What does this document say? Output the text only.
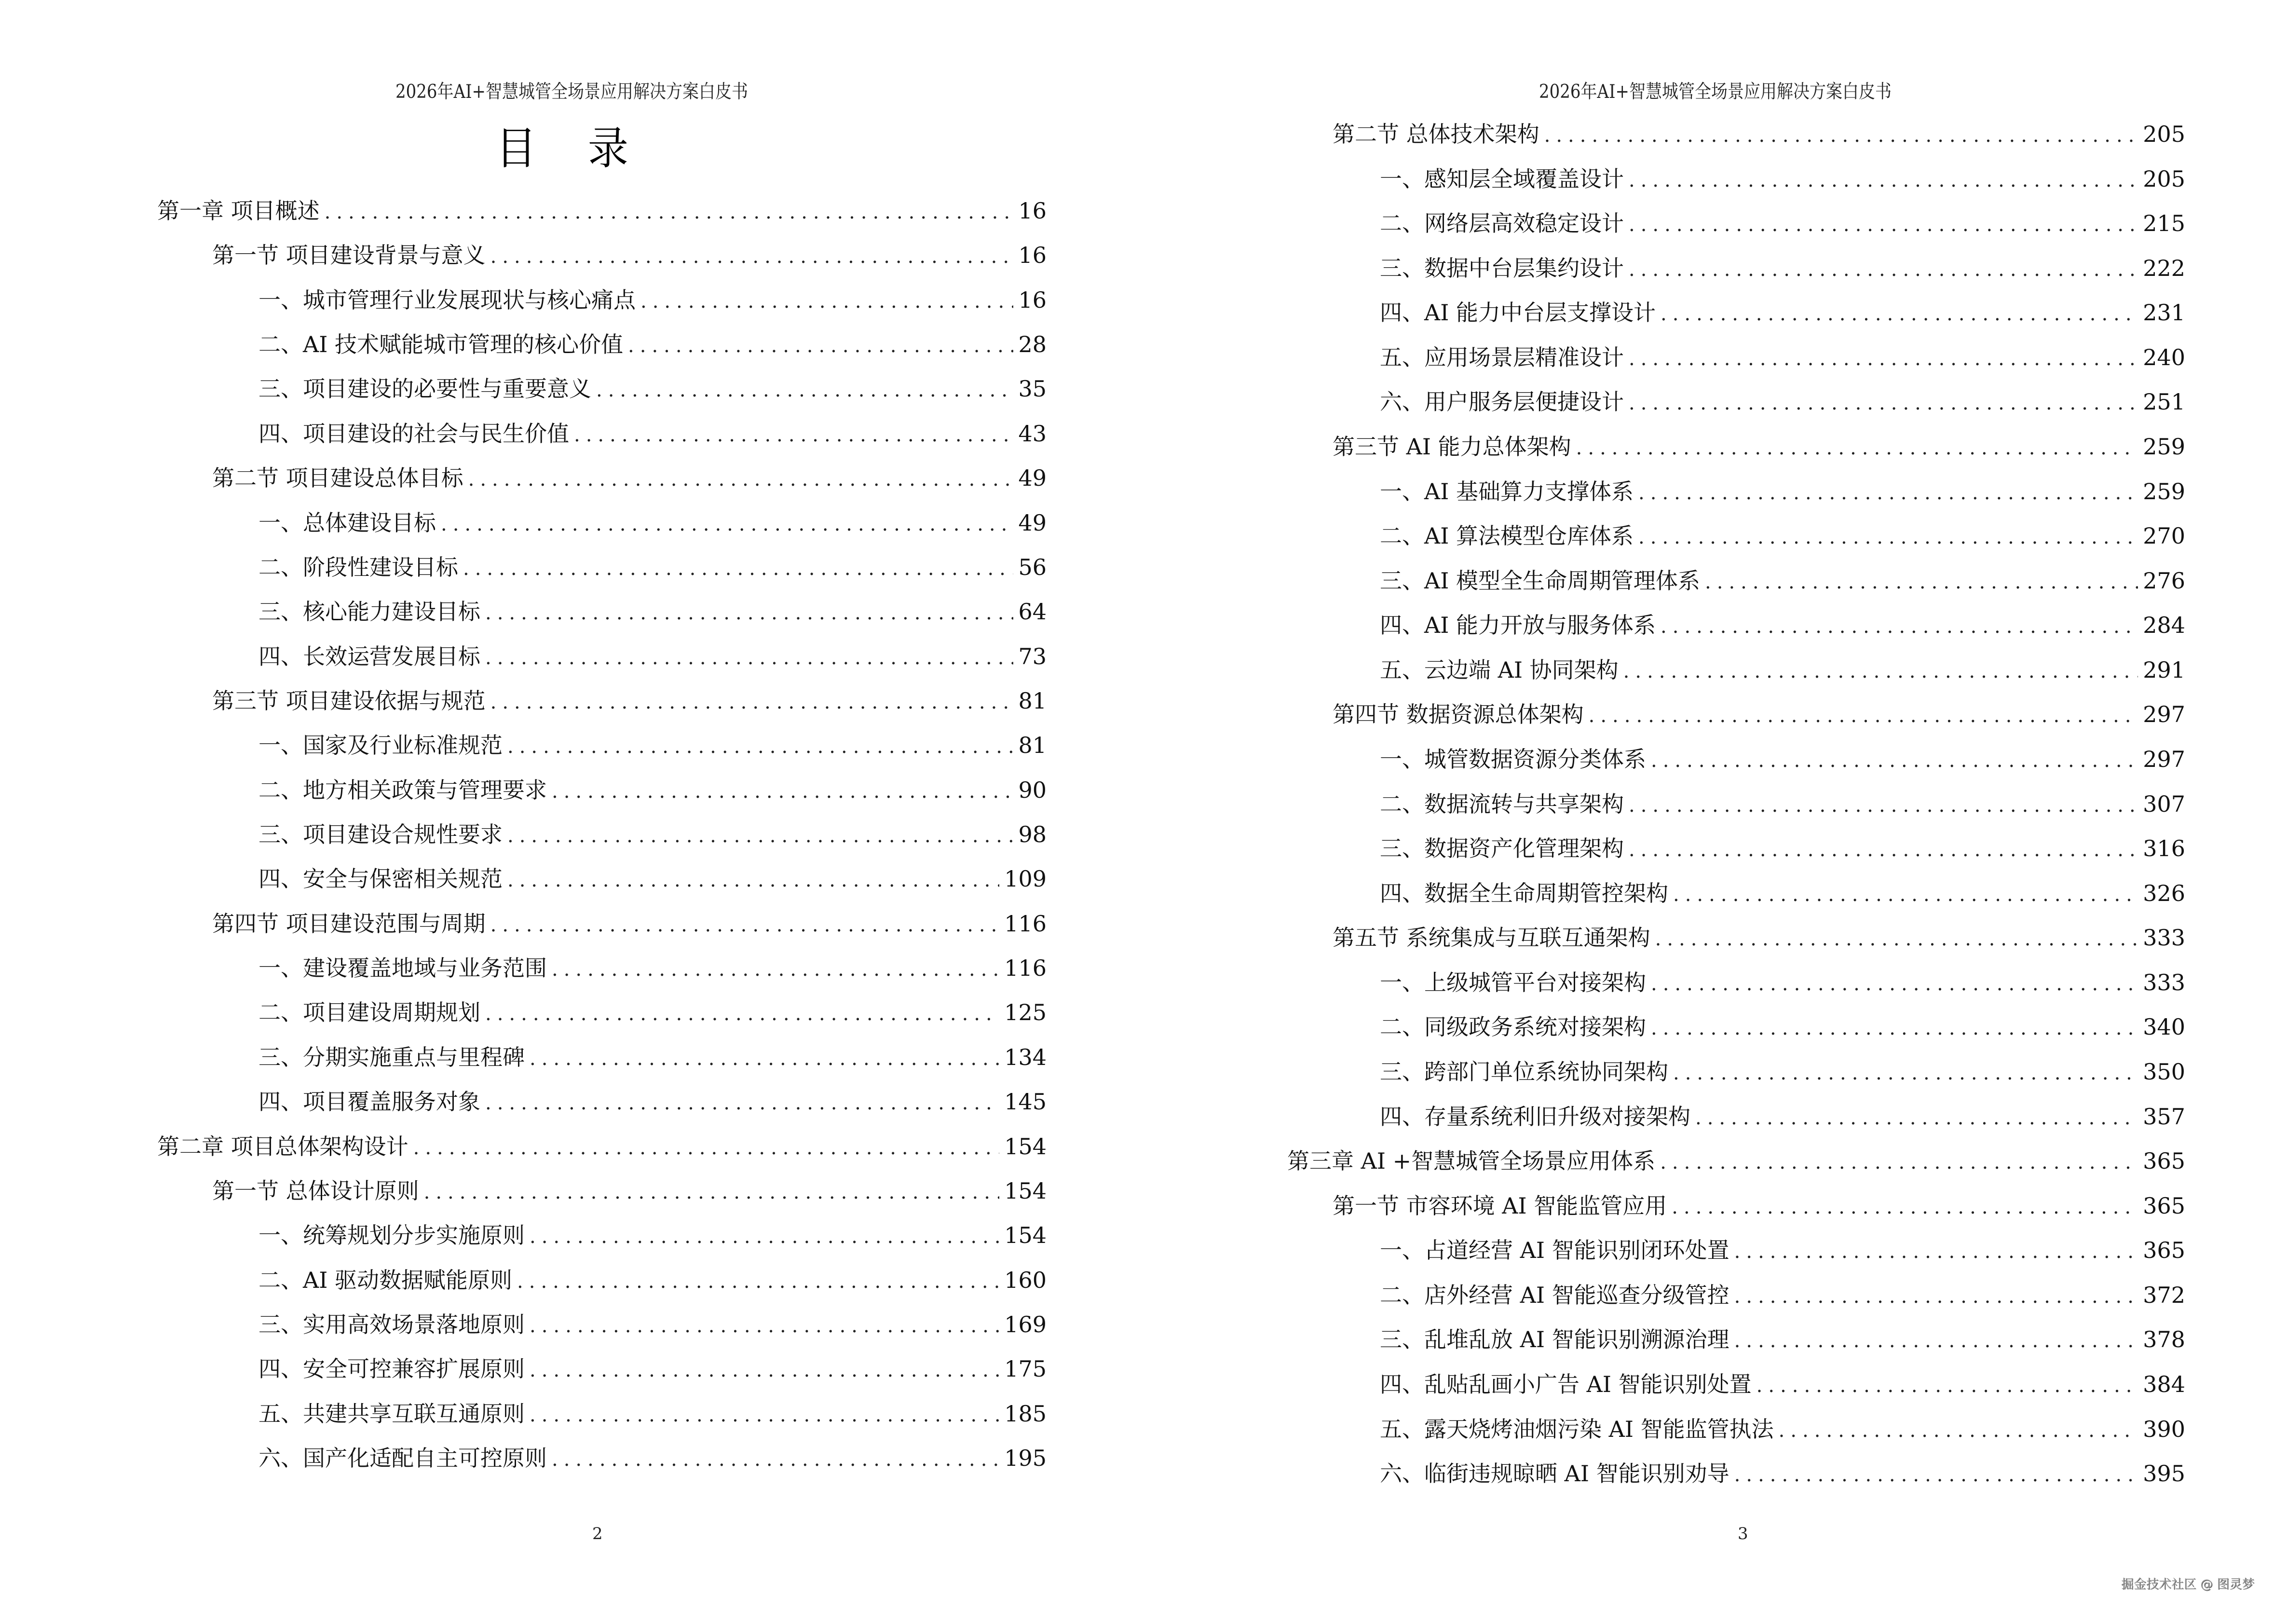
2026年AI+智慧城管全场景应用解决方案白皮书
目 录
第一章 项目概述 .....	16
第一节 项目建设背景与意义 .....	16
一、城市管理行业发展现状与核心痛点 .....	16
二、AI 技术赋能城市管理的核心价值 .....	28
三、项目建设的必要性与重要意义 .....	35
四、项目建设的社会与民生价值 .....	43
第二节 项目建设总体目标 .....	49
一、总体建设目标 .....	49
二、阶段性建设目标 .....	56
三、核心能力建设目标 .....	64
四、长效运营发展目标 .....	73
第三节 项目建设依据与规范 .....	81
一、国家及行业标准规范 .....	81
二、地方相关政策与管理要求 .....	90
三、项目建设合规性要求 .....	98
四、安全与保密相关规范 .....	109
第四节 项目建设范围与周期 .....	116
一、建设覆盖地域与业务范围 .....	116
二、项目建设周期规划 .....	125
三、分期实施重点与里程碑 .....	134
四、项目覆盖服务对象 .....	145
第二章 项目总体架构设计 .....	154
第一节 总体设计原则 .....	154
一、统筹规划分步实施原则 .....	154
二、AI 驱动数据赋能原则 .....	160
三、实用高效场景落地原则 .....	169
四、安全可控兼容扩展原则 .....	175
五、共建共享互联互通原则 .....	185
六、国产化适配自主可控原则 .....	195
2
2026年AI+智慧城管全场景应用解决方案白皮书
第二节 总体技术架构 .....	205
一、感知层全域覆盖设计 .....	205
二、网络层高效稳定设计 .....	215
三、数据中台层集约设计 .....	222
四、AI 能力中台层支撑设计 .....	231
五、应用场景层精准设计 .....	240
六、用户服务层便捷设计 .....	251
第三节 AI 能力总体架构 .....	259
一、AI 基础算力支撑体系 .....	259
二、AI 算法模型仓库体系 .....	270
三、AI 模型全生命周期管理体系 .....	276
四、AI 能力开放与服务体系 .....	284
五、云边端 AI 协同架构 .....	291
第四节 数据资源总体架构 .....	297
一、城管数据资源分类体系 .....	297
二、数据流转与共享架构 .....	307
三、数据资产化管理架构 .....	316
四、数据全生命周期管控架构 .....	326
第五节 系统集成与互联互通架构 .....	333
一、上级城管平台对接架构 .....	333
二、同级政务系统对接架构 .....	340
三、跨部门单位系统协同架构 .....	350
四、存量系统利旧升级对接架构 .....	357
第三章 AI +智慧城管全场景应用体系 .....	365
第一节 市容环境 AI 智能监管应用 .....	365
一、占道经营 AI 智能识别闭环处置 .....	365
二、店外经营 AI 智能巡查分级管控 .....	372
三、乱堆乱放 AI 智能识别溯源治理 .....	378
四、乱贴乱画小广告 AI 智能识别处置 .....	384
五、露天烧烤油烟污染 AI 智能监管执法 .....	390
六、临街违规晾晒 AI 智能识别劝导 .....	395
3
掘金技术社区 @ 图灵梦
